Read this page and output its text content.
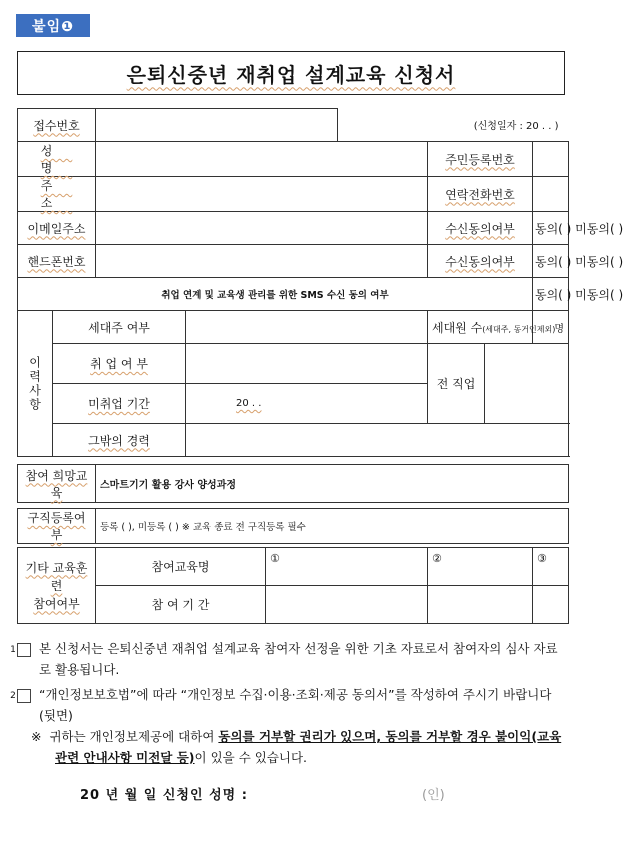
붙임❶
은퇴신중년 재취업 설계교육 신청서
접수번호					(신청일자 : 20 . . )			
성 명						주민등록번호		
주 소						연락전화번호		
이메일주소						수신동의여부		동의( ) 미동의( )
핸드폰번호						수신동의여부		동의( ) 미동의( )
취업 연계 및 교육생 관리를 위한 SMS 수신 동의 여부								동의( ) 미동의( )
이력사항	세대주 여부					세대원 수(세대주, 동거인제외)		명
	취 업 여 부					전 직업		
	미취업 기간		20 . .					
	그밖의 경력							

참여 희망교육		스마트기기 활용 강사 양성과정						

구직등록여부		등록 ( ), 미등록 ( ) ※ 교육 종료 전 구직등록 필수						

기타 교육훈련
참여여부		참여교육명		①		②		③
		참 여 기 간						
1 본 신청서는 은퇴신중년 재취업 설계교육 참여자 선정을 위한 기초 자료로서 참여자의 심사 자료로 활용됩니다.
2 “개인정보보호법”에 따라 “개인정보 수집·이용·조회·제공 동의서”를 작성하여 주시기 바랍니다(뒷면)
※ 귀하는 개인정보제공에 대하여 동의를 거부할 권리가 있으며, 동의를 거부할 경우 불이익(교육 관련 안내사항 미전달 등)이 있을 수 있습니다.
20 년 월 일 신청인 성명 :	(인)
